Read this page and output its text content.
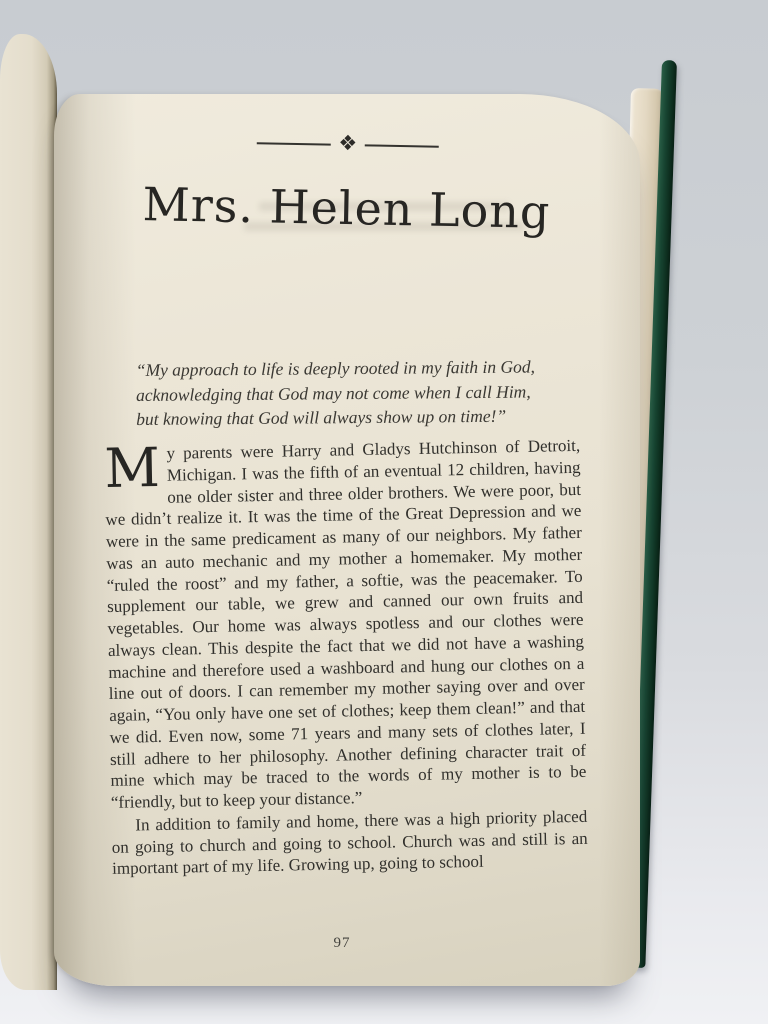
❖
Mrs. Helen Long
“My approach to life is deeply rooted in my faith in God,
acknowledging that God may not come when I call Him,
but knowing that God will always show up on time!”

My parents were Harry and Gladys Hutchinson of Detroit, Michigan. I was the fifth of an eventual 12 children, having one older sister and three older brothers. We were poor, but we didn’t realize it. It was the time of the Great Depression and we were in the same predicament as many of our neighbors. My father was an auto mechanic and my mother a homemaker. My mother “ruled the roost” and my father, a softie, was the peacemaker. To supplement our table, we grew and canned our own fruits and vegetables. Our home was always spotless and our clothes were always clean. This despite the fact that we did not have a washing machine and therefore used a washboard and hung our clothes on a line out of doors. I can remember my mother saying over and over again, “You only have one set of clothes; keep them clean!” and that we did. Even now, some 71 years and many sets of clothes later, I still adhere to her philosophy. Another defining character trait of mine which may be traced to the words of my mother is to be “friendly, but to keep your distance.”

In addition to family and home, there was a high priority placed on going to church and going to school. Church was and still is an important part of my life. Growing up, going to school

97
